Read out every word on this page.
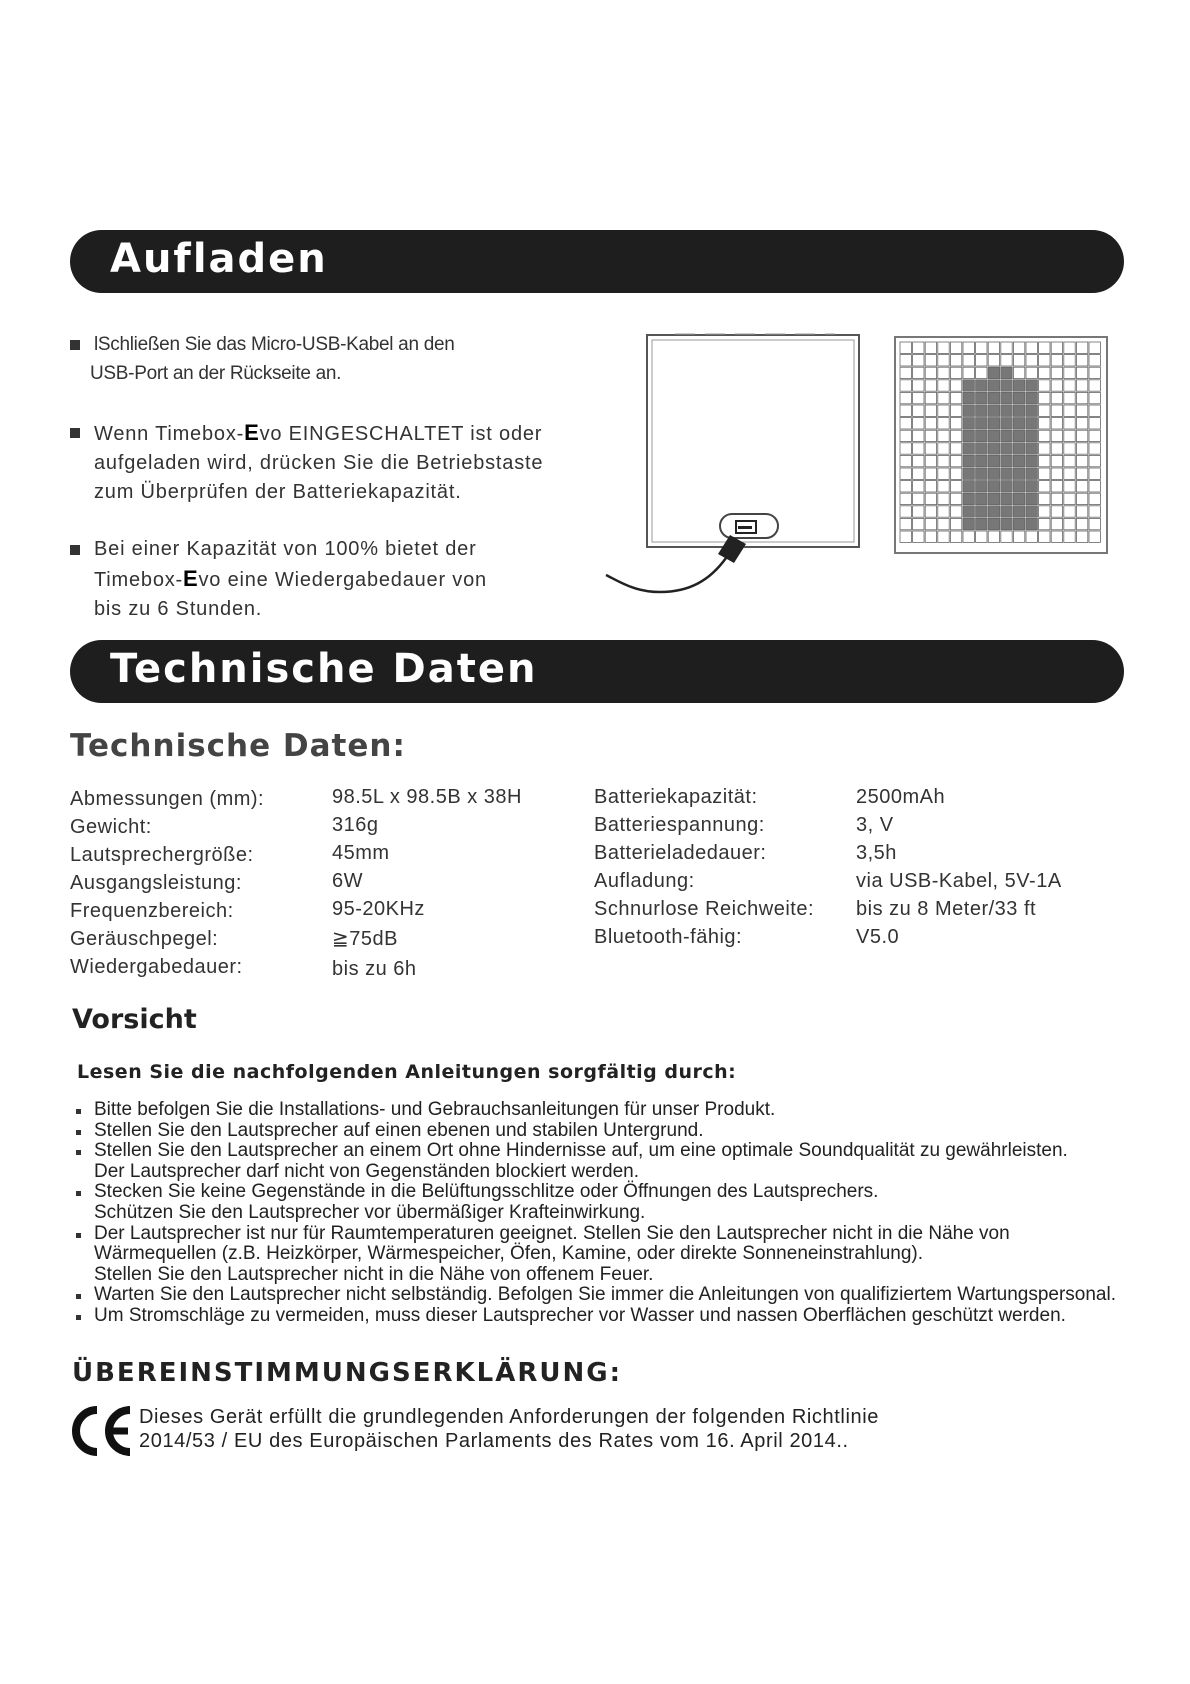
Aufladen
lSchließen Sie das Micro-USB-Kabel an den
USB-Port an der Rückseite an.
Wenn Timebox-Evo EINGESCHALTET ist oder
aufgeladen wird, drücken Sie die Betriebstaste
zum Überprüfen der Batteriekapazität.
Bei einer Kapazität von 100% bietet der
Timebox-Evo eine Wiedergabedauer von
bis zu 6 Stunden.
Technische Daten
Technische Daten:
Abmessungen (mm):
Gewicht:
Lautsprechergröße:
Ausgangsleistung:
Frequenzbereich:
Geräuschpegel:
Wiedergabedauer:
98.5L x 98.5B x 38H
316g
45mm
6W
95-20KHz
≧75dB
bis zu 6h
Batteriekapazität:
Batteriespannung:
Batterieladedauer:
Aufladung:
Schnurlose Reichweite:
Bluetooth-fähig:
2500mAh
3, V
3,5h
via USB-Kabel, 5V-1A
bis zu 8 Meter/33 ft
V5.0
Vorsicht
Lesen Sie die nachfolgenden Anleitungen sorgfältig durch:
Bitte befolgen Sie die Installations- und Gebrauchsanleitungen für unser Produkt.
Stellen Sie den Lautsprecher auf einen ebenen und stabilen Untergrund.
Stellen Sie den Lautsprecher an einem Ort ohne Hindernisse auf, um eine optimale Soundqualität zu gewährleisten.
Der Lautsprecher darf nicht von Gegenständen blockiert werden.
Stecken Sie keine Gegenstände in die Belüftungsschlitze oder Öffnungen des Lautsprechers.
Schützen Sie den Lautsprecher vor übermäßiger Krafteinwirkung.
Der Lautsprecher ist nur für Raumtemperaturen geeignet. Stellen Sie den Lautsprecher nicht in die Nähe von
Wärmequellen (z.B. Heizkörper, Wärmespeicher, Öfen, Kamine, oder direkte Sonneneinstrahlung).
Stellen Sie den Lautsprecher nicht in die Nähe von offenem Feuer.
Warten Sie den Lautsprecher nicht selbständig. Befolgen Sie immer die Anleitungen von qualifiziertem Wartungspersonal.
Um Stromschläge zu vermeiden, muss dieser Lautsprecher vor Wasser und nassen Oberflächen geschützt werden.
ÜBEREINSTIMMUNGSERKLÄRUNG:
Dieses Gerät erfüllt die grundlegenden Anforderungen der folgenden Richtlinie
2014/53 / EU des Europäischen Parlaments des Rates vom 16. April 2014..
